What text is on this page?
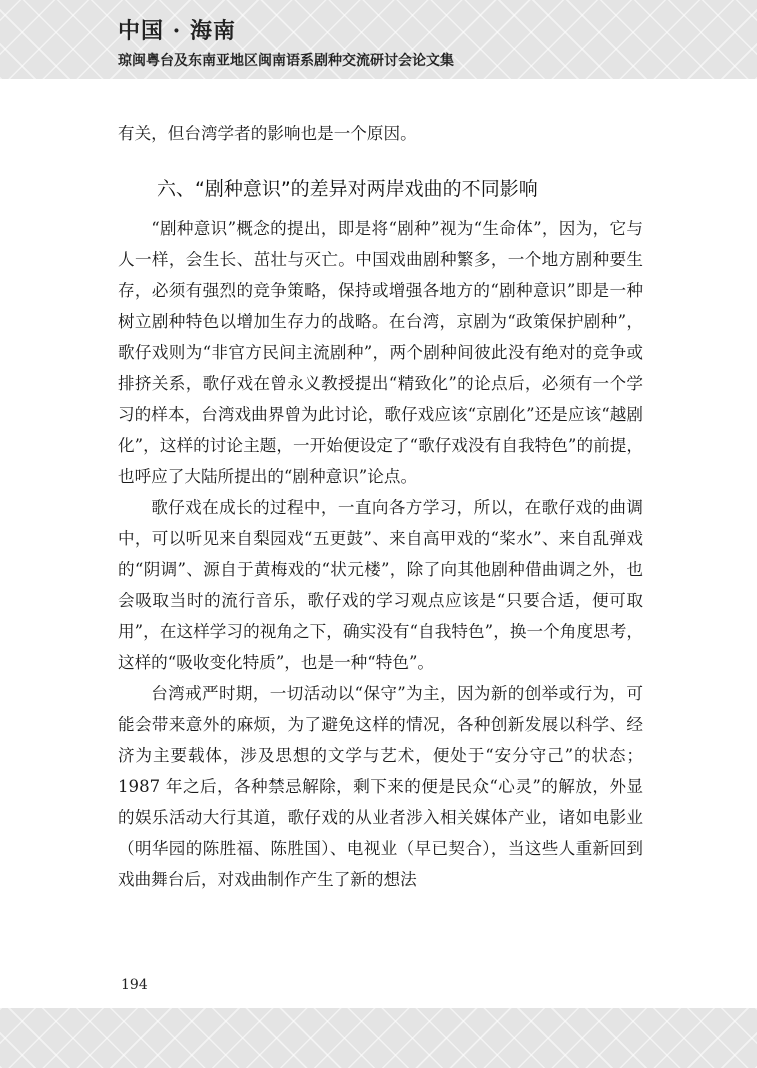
中国 · 海南
琼闽粤台及东南亚地区闽南语系剧种交流研讨会论文集

有关，但台湾学者的影响也是一个原因。

六、“剧种意识”的差异对两岸戏曲的不同影响

“剧种意识”概念的提出，即是将“剧种”视为“生命体”，因为，它与人一样，会生长、茁壮与灭亡。中国戏曲剧种繁多，一个地方剧种要生存，必须有强烈的竞争策略，保持或增强各地方的“剧种意识”即是一种树立剧种特色以增加生存力的战略。在台湾，京剧为“政策保护剧种”，歌仔戏则为“非官方民间主流剧种”，两个剧种间彼此没有绝对的竞争或排挤关系，歌仔戏在曾永义教授提出“精致化”的论点后，必须有一个学习的样本，台湾戏曲界曾为此讨论，歌仔戏应该“京剧化”还是应该“越剧化”，这样的讨论主题，一开始便设定了“歌仔戏没有自我特色”的前提，也呼应了大陆所提出的“剧种意识”论点。

歌仔戏在成长的过程中，一直向各方学习，所以，在歌仔戏的曲调中，可以听见来自梨园戏“五更鼓”、来自高甲戏的“桨水”、来自乱弹戏的“阴调”、源自于黄梅戏的“状元楼”，除了向其他剧种借曲调之外，也会吸取当时的流行音乐，歌仔戏的学习观点应该是“只要合适，便可取用”，在这样学习的视角之下，确实没有“自我特色”，换一个角度思考，这样的“吸收变化特质”，也是一种“特色”。

台湾戒严时期，一切活动以“保守”为主，因为新的创举或行为，可能会带来意外的麻烦，为了避免这样的情况，各种创新发展以科学、经济为主要载体，涉及思想的文学与艺术，便处于“安分守己”的状态；1987 年之后，各种禁忌解除，剩下来的便是民众“心灵”的解放，外显的娱乐活动大行其道，歌仔戏的从业者涉入相关媒体产业，诸如电影业（明华园的陈胜福、陈胜国）、电视业（早已契合），当这些人重新回到戏曲舞台后，对戏曲制作产生了新的想法

194
